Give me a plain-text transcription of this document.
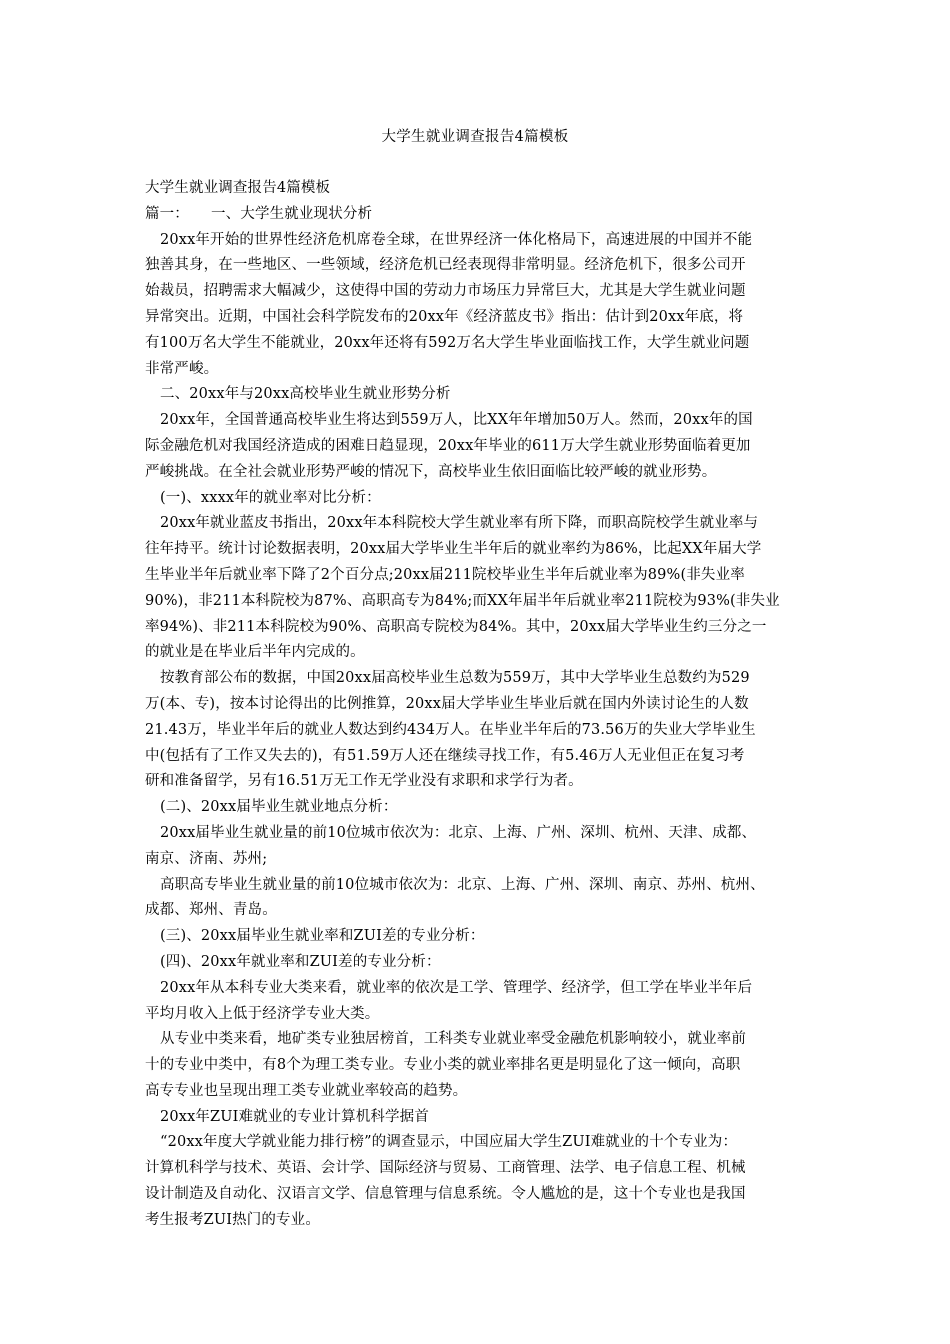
大学生就业调查报告4篇模板
大学生就业调查报告4篇模板
篇一：　　一、大学生就业现状分析
20xx年开始的世界性经济危机席卷全球，在世界经济一体化格局下，高速进展的中国并不能
独善其身，在一些地区、一些领域，经济危机已经表现得非常明显。经济危机下，很多公司开
始裁员，招聘需求大幅减少，这使得中国的劳动力市场压力异常巨大，尤其是大学生就业问题
异常突出。近期，中国社会科学院发布的20xx年《经济蓝皮书》指出：估计到20xx年底，将
有100万名大学生不能就业，20xx年还将有592万名大学生毕业面临找工作，大学生就业问题
非常严峻。
二、20xx年与20xx高校毕业生就业形势分析
20xx年，全国普通高校毕业生将达到559万人，比XX年年增加50万人。然而，20xx年的国
际金融危机对我国经济造成的困难日趋显现，20xx年毕业的611万大学生就业形势面临着更加
严峻挑战。在全社会就业形势严峻的情况下，高校毕业生依旧面临比较严峻的就业形势。
(一)、xxxx年的就业率对比分析：
20xx年就业蓝皮书指出，20xx年本科院校大学生就业率有所下降，而职高院校学生就业率与
往年持平。统计讨论数据表明，20xx届大学毕业生半年后的就业率约为86%，比起XX年届大学
生毕业半年后就业率下降了2个百分点;20xx届211院校毕业生半年后就业率为89%(非失业率
90%)，非211本科院校为87%、高职高专为84%;而XX年届半年后就业率211院校为93%(非失业
率94%)、非211本科院校为90%、高职高专院校为84%。其中，20xx届大学毕业生约三分之一
的就业是在毕业后半年内完成的。
按教育部公布的数据，中国20xx届高校毕业生总数为559万，其中大学毕业生总数约为529
万(本、专)，按本讨论得出的比例推算，20xx届大学毕业生毕业后就在国内外读讨论生的人数
21.43万，毕业半年后的就业人数达到约434万人。在毕业半年后的73.56万的失业大学毕业生
中(包括有了工作又失去的)，有51.59万人还在继续寻找工作，有5.46万人无业但正在复习考
研和准备留学，另有16.51万无工作无学业没有求职和求学行为者。
(二)、20xx届毕业生就业地点分析：
20xx届毕业生就业量的前10位城市依次为：北京、上海、广州、深圳、杭州、天津、成都、
南京、济南、苏州;
高职高专毕业生就业量的前10位城市依次为：北京、上海、广州、深圳、南京、苏州、杭州、
成都、郑州、青岛。
(三)、20xx届毕业生就业率和ZUI差的专业分析：
(四)、20xx年就业率和ZUI差的专业分析：
20xx年从本科专业大类来看，就业率的依次是工学、管理学、经济学，但工学在毕业半年后
平均月收入上低于经济学专业大类。
从专业中类来看，地矿类专业独居榜首，工科类专业就业率受金融危机影响较小，就业率前
十的专业中类中，有8个为理工类专业。专业小类的就业率排名更是明显化了这一倾向，高职
高专专业也呈现出理工类专业就业率较高的趋势。
20xx年ZUI难就业的专业计算机科学据首
“20xx年度大学就业能力排行榜”的调查显示，中国应届大学生ZUI难就业的十个专业为：
计算机科学与技术、英语、会计学、国际经济与贸易、工商管理、法学、电子信息工程、机械
设计制造及自动化、汉语言文学、信息管理与信息系统。令人尴尬的是，这十个专业也是我国
考生报考ZUI热门的专业。
